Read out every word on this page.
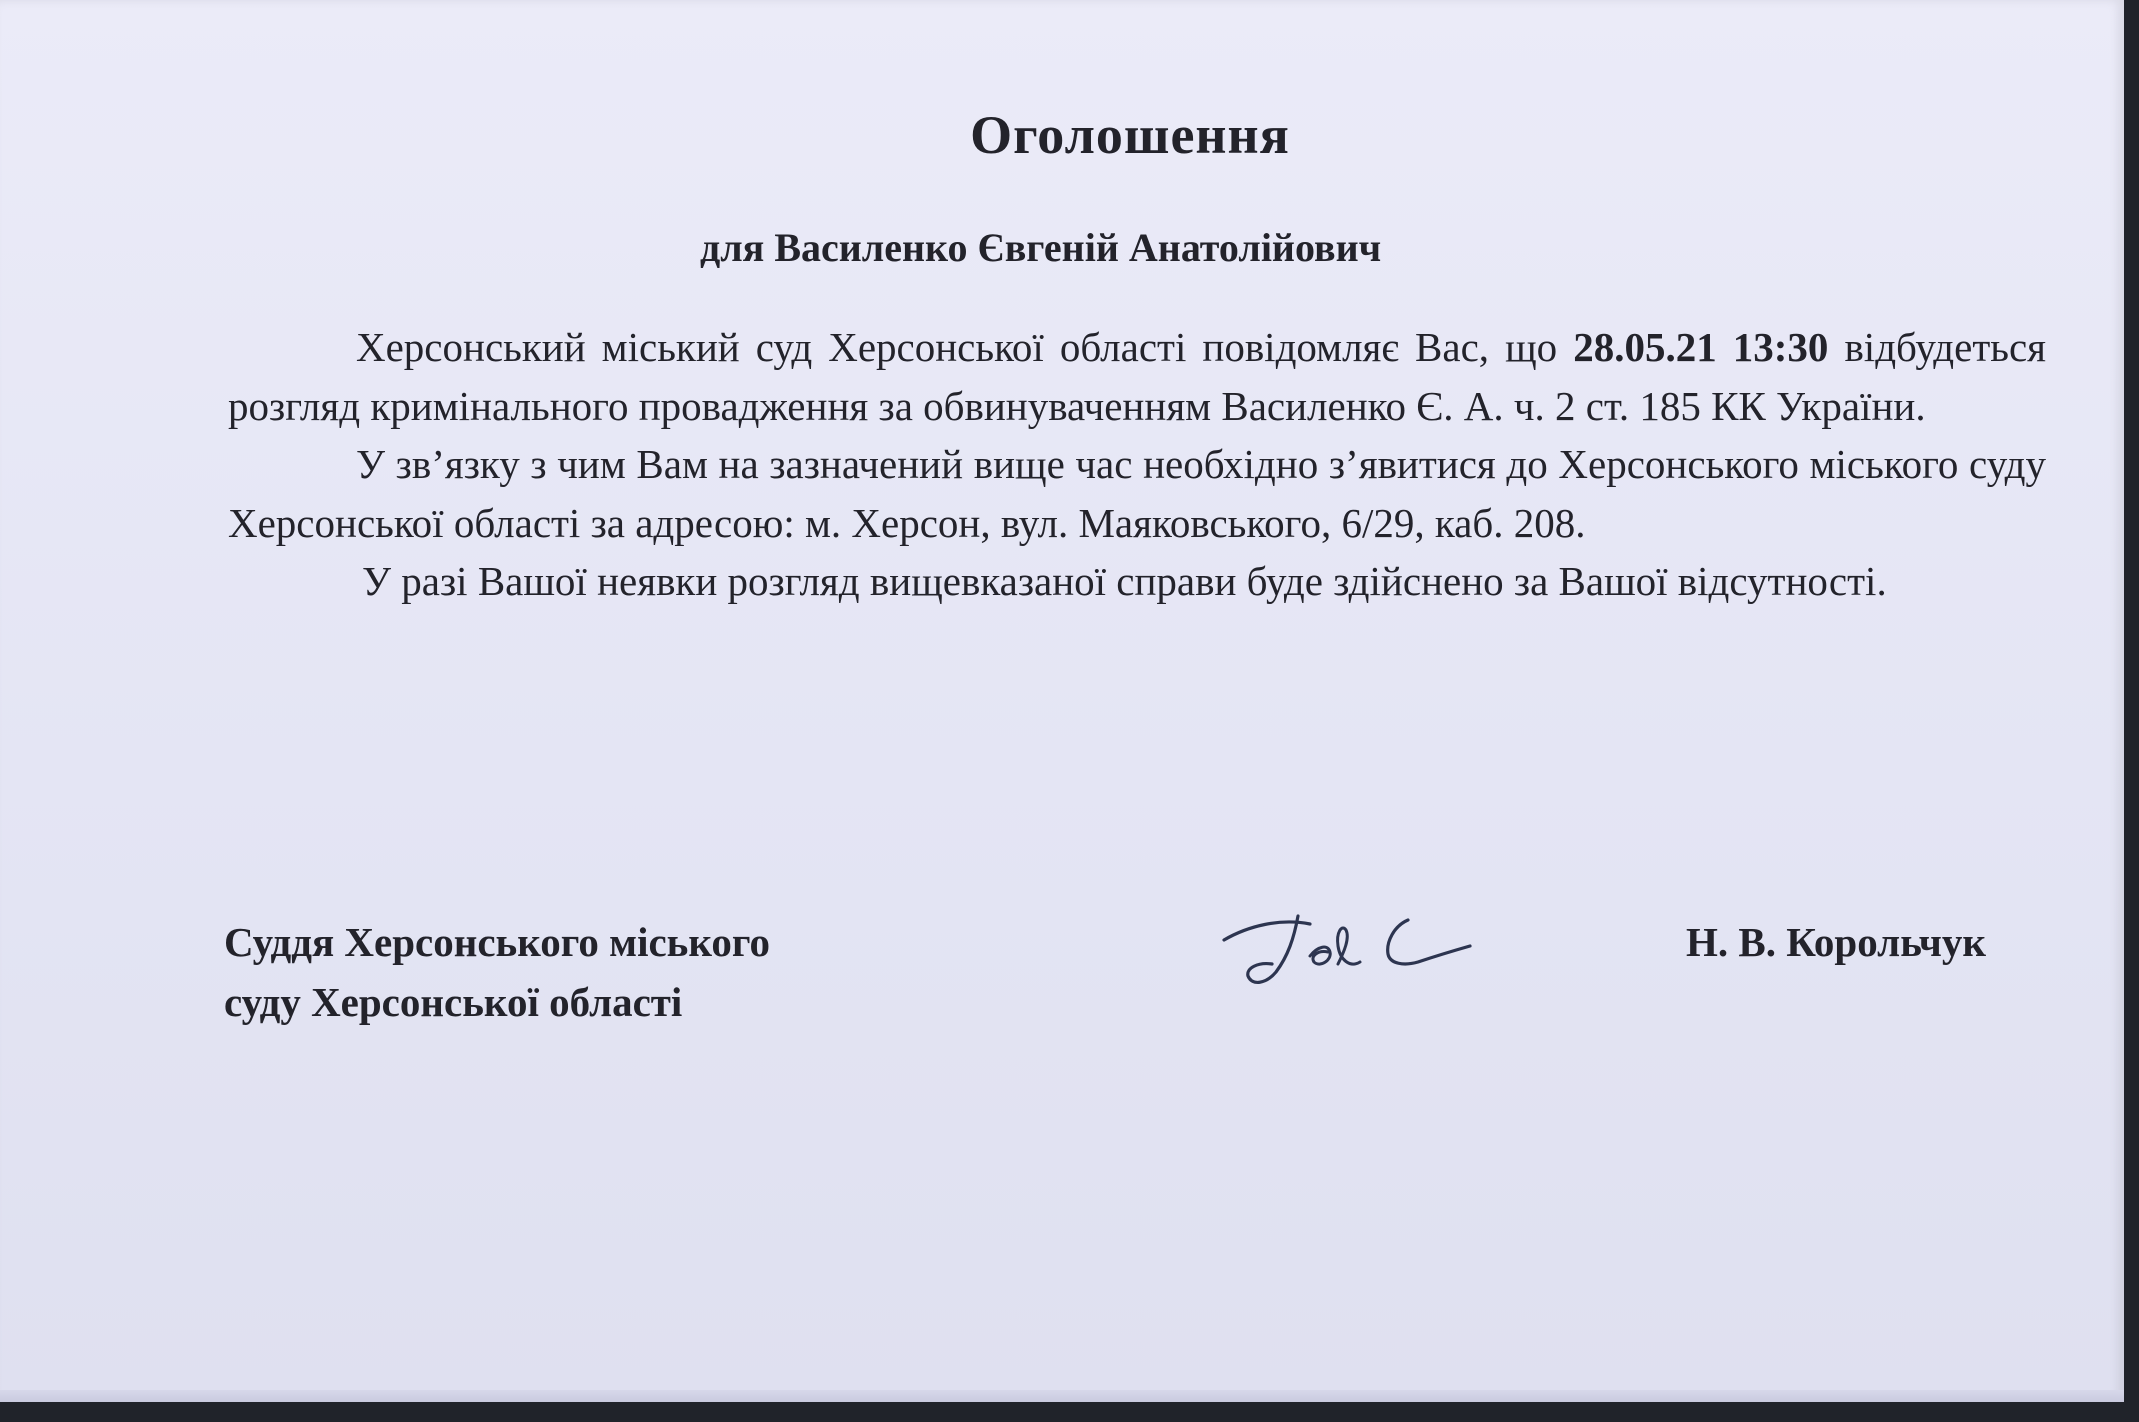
Оголошення
для Василенко Євгеній Анатолійович

Херсонський міський суд Херсонської області повідомляє Вас, що 28.05.21 13:30 відбудеться розгляд кримінального провадження за обвинуваченням Василенко Є. А. ч. 2 ст. 185 КК України.

У зв’язку з чим Вам на зазначений вище час необхідно з’явитися до Херсонського міського суду Херсонської області за адресою: м. Херсон, вул. Маяковського, 6/29, каб. 208.

У разі Вашої неявки розгляд вищевказаної справи буде здійснено за Вашої відсутності.

Суддя Херсонського міського
суду Херсонської області
Н. В. Корольчук
